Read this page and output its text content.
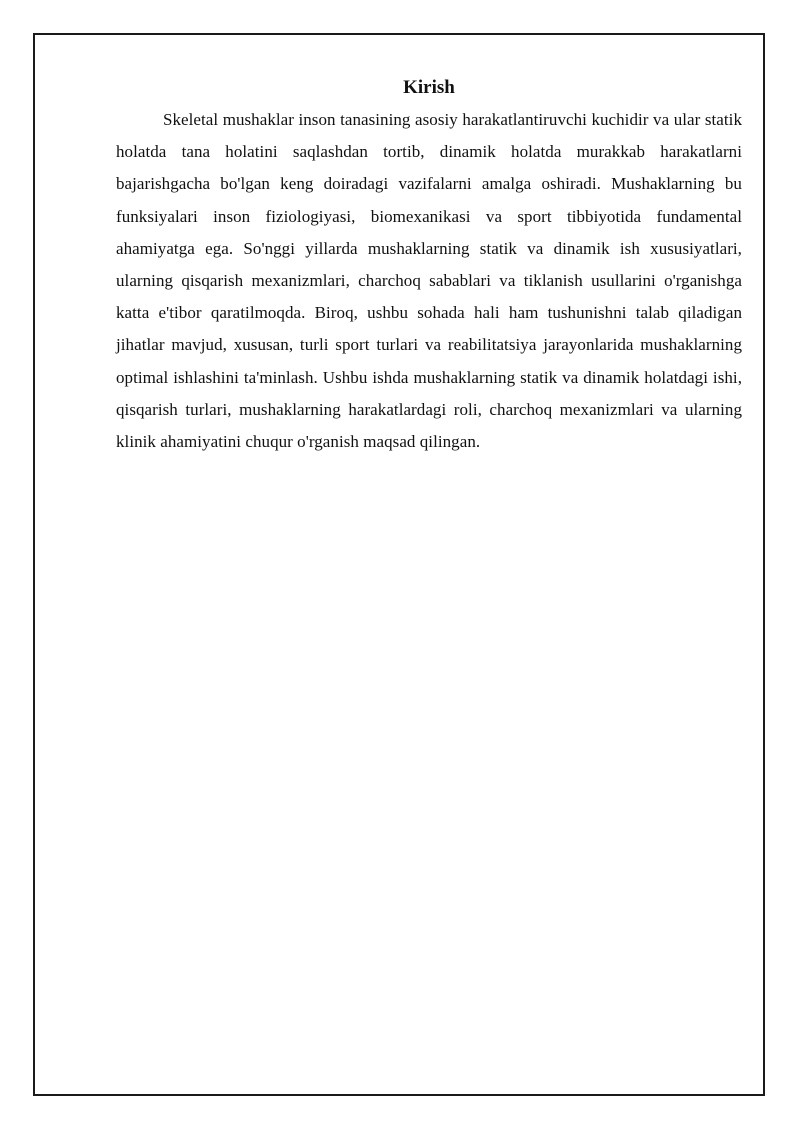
Kirish

Skeletal mushaklar inson tanasining asosiy harakatlantiruvchi kuchidir va ular statik holatda tana holatini saqlashdan tortib, dinamik holatda murakkab harakatlarni bajarishgacha bo'lgan keng doiradagi vazifalarni amalga oshiradi. Mushaklarning bu funksiyalari inson fiziologiyasi, biomexanikasi va sport tibbiyotida fundamental ahamiyatga ega. So'nggi yillarda mushaklarning statik va dinamik ish xususiyatlari, ularning qisqarish mexanizmlari, charchoq sabablari va tiklanish usullarini o'rganishga katta e'tibor qaratilmoqda. Biroq, ushbu sohada hali ham tushunishni talab qiladigan jihatlar mavjud, xususan, turli sport turlari va reabilitatsiya jarayonlarida mushaklarning optimal ishlashini ta'minlash. Ushbu ishda mushaklarning statik va dinamik holatdagi ishi, qisqarish turlari, mushaklarning harakatlardagi roli, charchoq mexanizmlari va ularning klinik ahamiyatini chuqur o'rganish maqsad qilingan.
